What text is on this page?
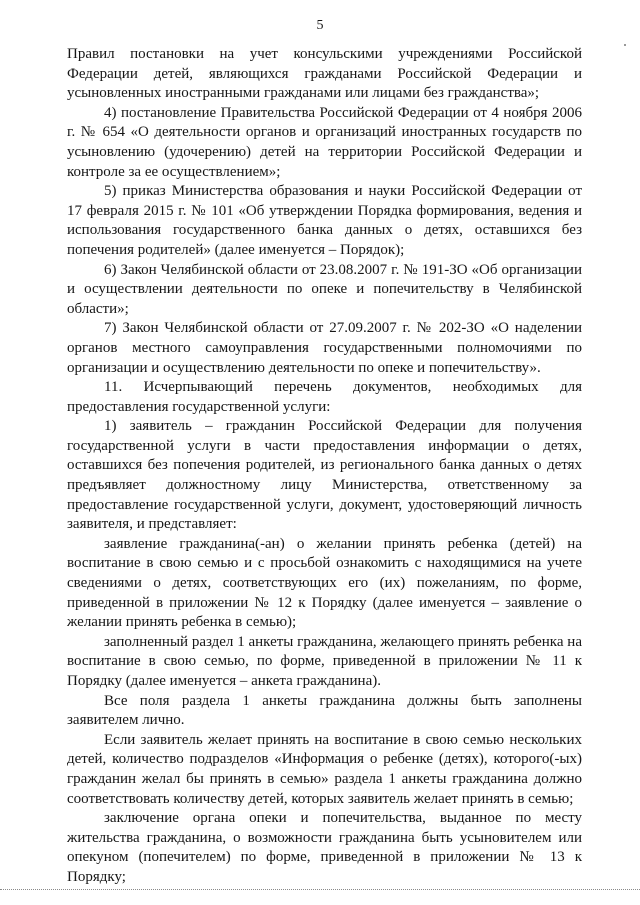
5

Правил постановки на учет консульскими учреждениями Российской Федерации детей, являющихся гражданами Российской Федерации и усыновленных иностранными гражданами или лицами без гражданства»;

4) постановление Правительства Российской Федерации от 4 ноября 2006 г. № 654 «О деятельности органов и организаций иностранных государств по усыновлению (удочерению) детей на территории Российской Федерации и контроле за ее осуществлением»;

5) приказ Министерства образования и науки Российской Федерации от 17 февраля 2015 г. № 101 «Об утверждении Порядка формирования, ведения и использования государственного банка данных о детях, оставшихся без попечения родителей» (далее именуется – Порядок);

6) Закон Челябинской области от 23.08.2007 г. № 191-ЗО «Об организации и осуществлении деятельности по опеке и попечительству в Челябинской области»;

7) Закон Челябинской области от 27.09.2007 г. № 202-ЗО «О наделении органов местного самоуправления государственными полномочиями по организации и осуществлению деятельности по опеке и попечительству».

11. Исчерпывающий перечень документов, необходимых для предоставления государственной услуги:

1) заявитель – гражданин Российской Федерации для получения государственной услуги в части предоставления информации о детях, оставшихся без попечения родителей, из регионального банка данных о детях предъявляет должностному лицу Министерства, ответственному за предоставление государственной услуги, документ, удостоверяющий личность заявителя, и представляет:

заявление гражданина(-ан) о желании принять ребенка (детей) на воспитание в свою семью и с просьбой ознакомить с находящимися на учете сведениями о детях, соответствующих его (их) пожеланиям, по форме, приведенной в приложении № 12 к Порядку (далее именуется – заявление о желании принять ребенка в семью);

заполненный раздел 1 анкеты гражданина, желающего принять ребенка на воспитание в свою семью, по форме, приведенной в приложении № 11 к Порядку (далее именуется – анкета гражданина).

Все поля раздела 1 анкеты гражданина должны быть заполнены заявителем лично.

Если заявитель желает принять на воспитание в свою семью нескольких детей, количество подразделов «Информация о ребенке (детях), которого(-ых) гражданин желал бы принять в семью» раздела 1 анкеты гражданина должно соответствовать количеству детей, которых заявитель желает принять в семью;

заключение органа опеки и попечительства, выданное по месту жительства гражданина, о возможности гражданина быть усыновителем или опекуном (попечителем) по форме, приведенной в приложении № 13 к Порядку;
